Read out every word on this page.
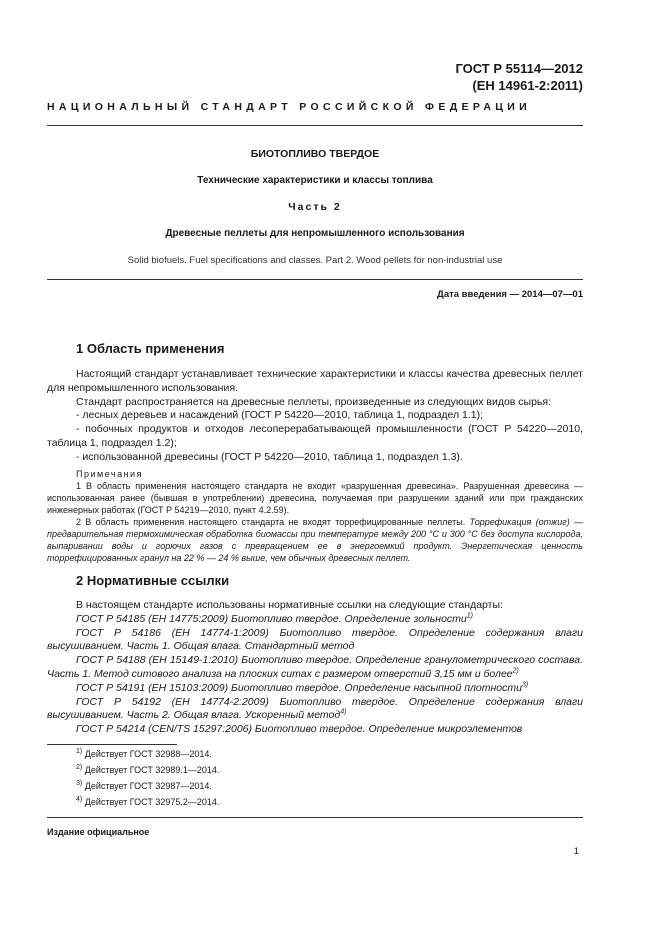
ГОСТ Р 55114—2012
(ЕН 14961-2:2011)
НАЦИОНАЛЬНЫЙ СТАНДАРТ РОССИЙСКОЙ ФЕДЕРАЦИИ
БИОТОПЛИВО ТВЕРДОЕ
Технические характеристики и классы топлива
Часть 2
Древесные пеллеты для непромышленного использования
Solid biofuels. Fuel specifications and classes. Part 2. Wood pellets for non-industrial use
Дата введения — 2014—07—01
1 Область применения

Настоящий стандарт устанавливает технические характеристики и классы качества древесных пеллет для непромышленного использования.

Стандарт распространяется на древесные пеллеты, произведенные из следующих видов сырья:

- лесных деревьев и насаждений (ГОСТ Р 54220—2010, таблица 1, подраздел 1.1);

- побочных продуктов и отходов лесоперерабатывающей промышленности (ГОСТ Р 54220—2010, таблица 1, подраздел 1.2);

- использованной древесины (ГОСТ Р 54220—2010, таблица 1, подраздел 1.3).

Примечания

1 В область применения настоящего стандарта не входит «разрушенная древесина». Разрушенная древесина — использованная ранее (бывшая в употреблении) древесина, получаемая при разрушении зданий или при гражданских инженерных работах (ГОСТ Р 54219—2010, пункт 4.2.59).

2 В область применения настоящего стандарта не входят торрефицированные пеллеты. Торрефикация (отжиг) — предварительная термохимическая обработка биомассы при температуре между 200 °С и 300 °С без доступа кислорода, выпаривании воды и горючих газов с превращением ее в энергоемкий продукт. Энергетическая ценность торрефицированных гранул на 22 % — 24 % выше, чем обычных древесных пеллет.

2 Нормативные ссылки

В настоящем стандарте использованы нормативные ссылки на следующие стандарты:

ГОСТ Р 54185 (ЕН 14775:2009) Биотопливо твердое. Определение зольности$^{1)}$

ГОСТ Р 54186 (ЕН 14774-1:2009) Биотопливо твердое. Определение содержания влаги высушиванием. Часть 1. Общая влага. Стандартный метод

ГОСТ Р 54188 (ЕН 15149-1:2010) Биотопливо твердое. Определение гранулометрического состава. Часть 1. Метод ситового анализа на плоских ситах с размером отверстий 3,15 мм и более$^{2)}$

ГОСТ Р 54191 (ЕН 15103:2009) Биотопливо твердое. Определение насыпной плотности$^{3)}$

ГОСТ Р 54192 (ЕН 14774-2:2009) Биотопливо твердое. Определение содержания влаги высушиванием. Часть 2. Общая влага. Ускоренный метод$^{4)}$

ГОСТ Р 54214 (CEN/TS 15297:2006) Биотопливо твердое. Определение микроэлементов

$^{1)}$ Действует ГОСТ 32988—2014.
$^{2)}$ Действует ГОСТ 32989.1—2014.
$^{3)}$ Действует ГОСТ 32987—2014.
$^{4)}$ Действует ГОСТ 32975.2—2014.
Издание официальное
1
